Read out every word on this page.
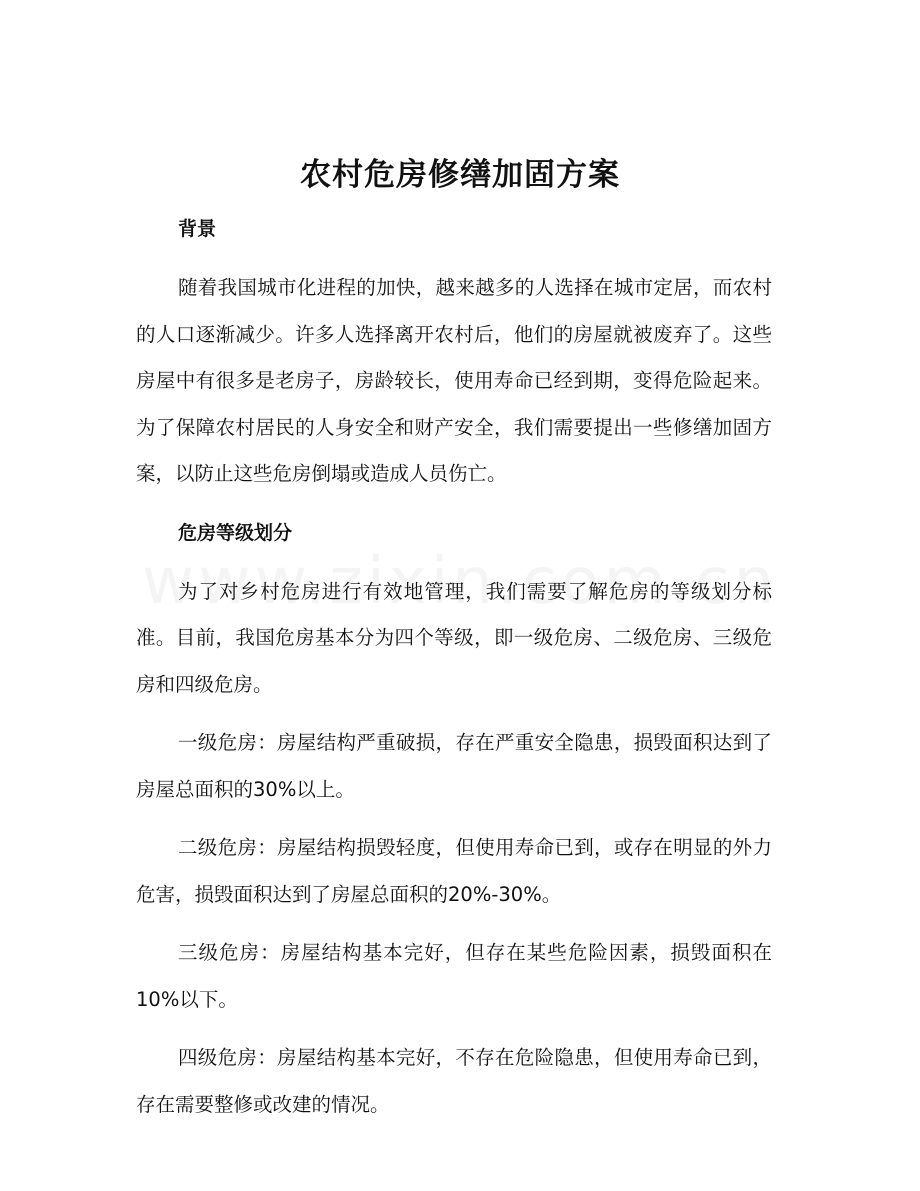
农村危房修缮加固方案
背景

随着我国城市化进程的加快，越来越多的人选择在城市定居，而农村的人口逐渐减少。许多人选择离开农村后，他们的房屋就被废弃了。这些房屋中有很多是老房子，房龄较长，使用寿命已经到期，变得危险起来。为了保障农村居民的人身安全和财产安全，我们需要提出一些修缮加固方案，以防止这些危房倒塌或造成人员伤亡。

危房等级划分

为了对乡村危房进行有效地管理，我们需要了解危房的等级划分标准。目前，我国危房基本分为四个等级，即一级危房、二级危房、三级危房和四级危房。

一级危房：房屋结构严重破损，存在严重安全隐患，损毁面积达到了房屋总面积的30%以上。

二级危房：房屋结构损毁轻度，但使用寿命已到，或存在明显的外力危害，损毁面积达到了房屋总面积的20%-30%。

三级危房：房屋结构基本完好，但存在某些危险因素，损毁面积在10%以下。

四级危房：房屋结构基本完好，不存在危险隐患，但使用寿命已到，存在需要整修或改建的情况。
